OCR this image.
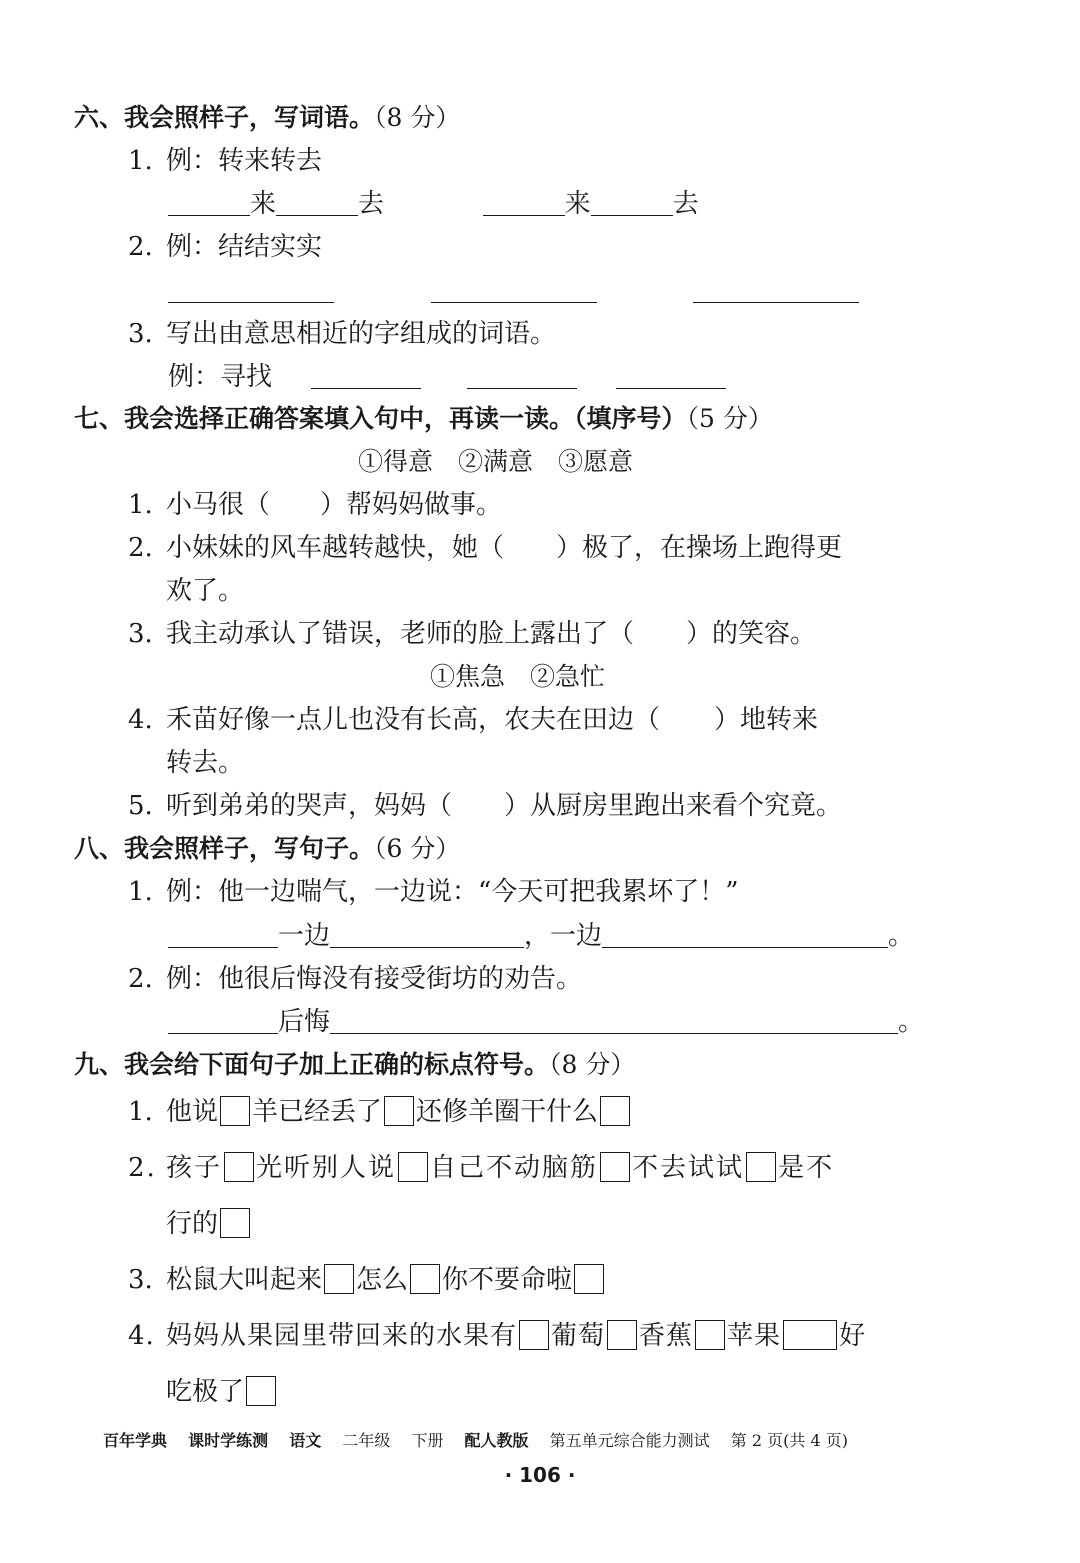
六、我会照样子，写词语。（8 分）
1. 例：转来转去
来	去	来	去
2. 例：结结实实

3. 写出由意思相近的字组成的词语。
例：寻找
七、我会选择正确答案填入句中，再读一读。（填序号）（5 分）
①得意　②满意　③愿意
1. 小马很（ ）帮妈妈做事。
2. 小妹妹的风车越转越快，她（ ）极了，在操场上跑得更
欢了。
3. 我主动承认了错误，老师的脸上露出了（ ）的笑容。
①焦急　②急忙
4. 禾苗好像一点儿也没有长高，农夫在田边（ ）地转来
转去。
5. 听到弟弟的哭声，妈妈（ ）从厨房里跑出来看个究竟。
八、我会照样子，写句子。（6 分）
1. 例：他一边喘气，一边说：“今天可把我累坏了！”
一边	，一边	。
2. 例：他很后悔没有接受街坊的劝告。
后悔	。
九、我会给下面句子加上正确的标点符号。（8 分）
1. 他说 羊已经丢了 还修羊圈干什么
2. 孩子 光听别人说 自己不动脑筋 不去试试 是不
行的
3. 松鼠大叫起来 怎么 你不要命啦
4. 妈妈从果园里带回来的水果有 葡萄 香蕉 苹果 好
吃极了
百年学典 课时学练测 语文 二年级 下册 配人教版 第五单元综合能力测试 第 2 页(共 4 页)
· 106 ·
